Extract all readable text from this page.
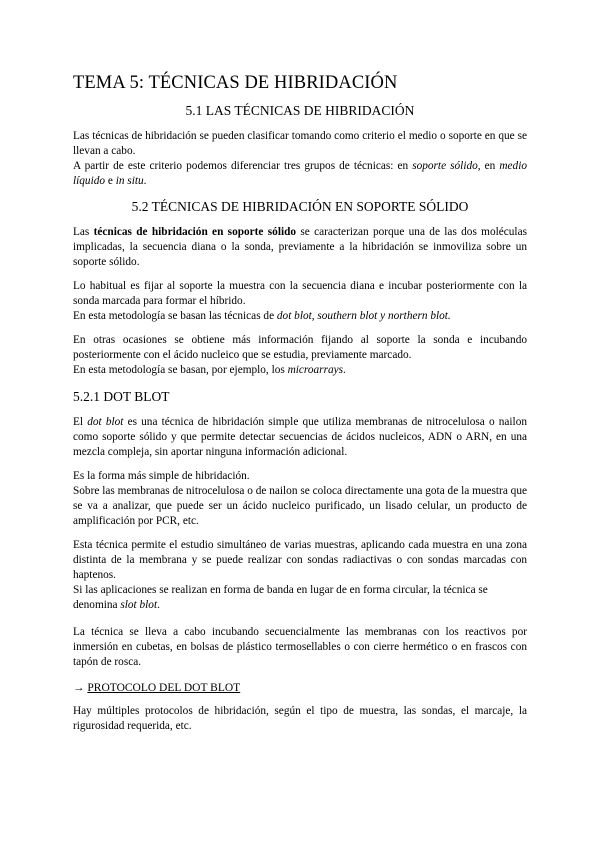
TEMA 5: TÉCNICAS DE HIBRIDACIÓN
5.1 LAS TÉCNICAS DE HIBRIDACIÓN

Las técnicas de hibridación se pueden clasificar tomando como criterio el medio o soporte en que se llevan a cabo.

A partir de este criterio podemos diferenciar tres grupos de técnicas: en soporte sólido, en medio líquido e in situ.

5.2 TÉCNICAS DE HIBRIDACIÓN EN SOPORTE SÓLIDO

Las técnicas de hibridación en soporte sólido se caracterizan porque una de las dos moléculas implicadas, la secuencia diana o la sonda, previamente a la hibridación se inmoviliza sobre un soporte sólido.

Lo habitual es fijar al soporte la muestra con la secuencia diana e incubar posteriormente con la sonda marcada para formar el híbrido.

En esta metodología se basan las técnicas de dot blot, southern blot y northern blot.

En otras ocasiones se obtiene más información fijando al soporte la sonda e incubando posteriormente con el ácido nucleico que se estudia, previamente marcado.

En esta metodología se basan, por ejemplo, los microarrays.

5.2.1 DOT BLOT

El dot blot es una técnica de hibridación simple que utiliza membranas de nitrocelulosa o nailon como soporte sólido y que permite detectar secuencias de ácidos nucleicos, ADN o ARN, en una mezcla compleja, sin aportar ninguna información adicional.

Es la forma más simple de hibridación.

Sobre las membranas de nitrocelulosa o de nailon se coloca directamente una gota de la muestra que se va a analizar, que puede ser un ácido nucleico purificado, un lisado celular, un producto de amplificación por PCR, etc.

Esta técnica permite el estudio simultáneo de varias muestras, aplicando cada muestra en una zona distinta de la membrana y se puede realizar con sondas radiactivas o con sondas marcadas con haptenos.

Si las aplicaciones se realizan en forma de banda en lugar de en forma circular, la técnica se denomina slot blot.

La técnica se lleva a cabo incubando secuencialmente las membranas con los reactivos por inmersión en cubetas, en bolsas de plástico termosellables o con cierre hermético o en frascos con tapón de rosca.

→ PROTOCOLO DEL DOT BLOT

Hay múltiples protocolos de hibridación, según el tipo de muestra, las sondas, el marcaje, la rigurosidad requerida, etc.
